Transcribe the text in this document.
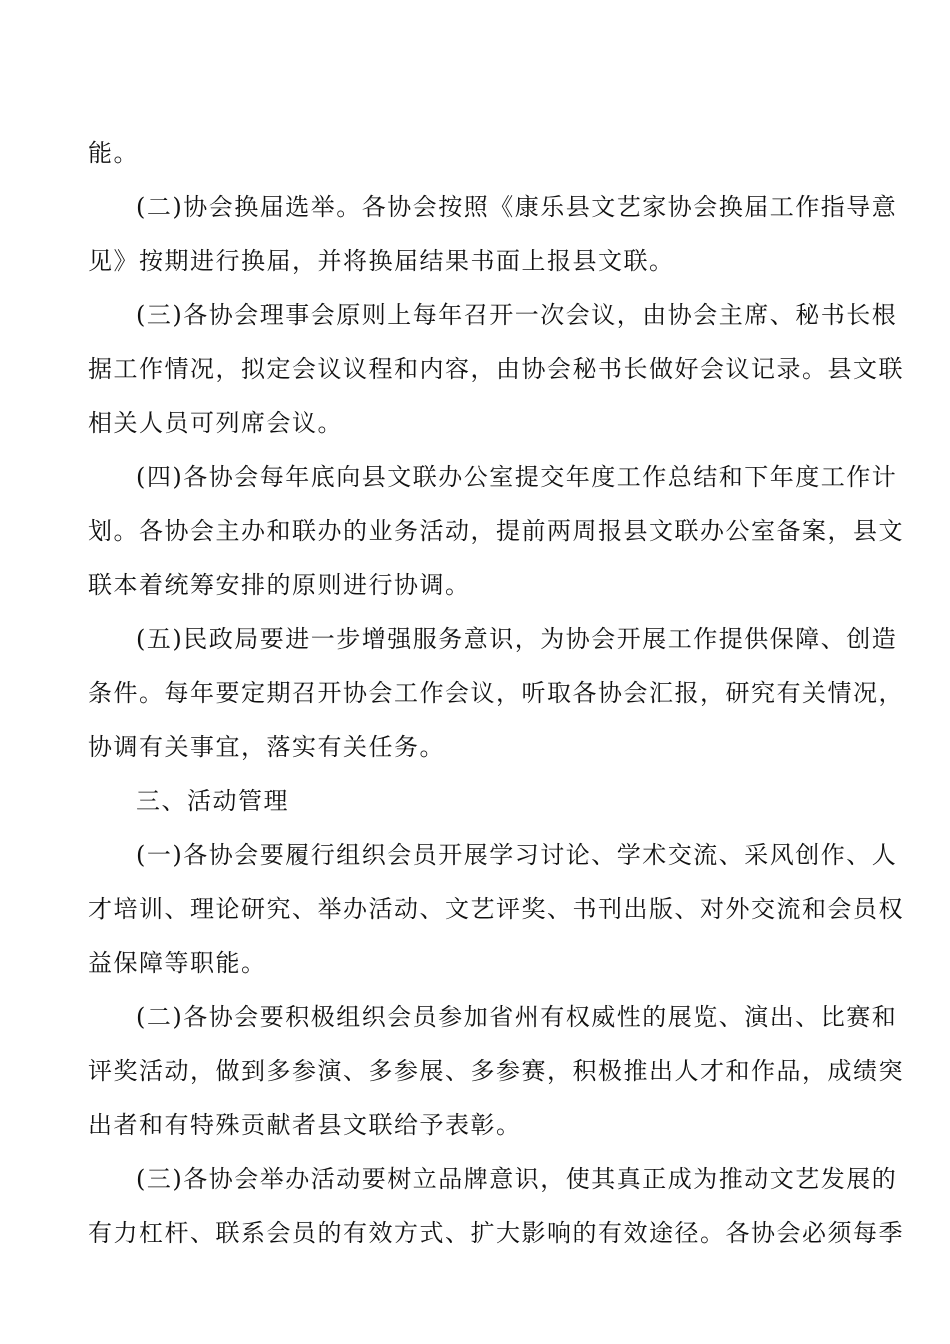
能。
(二)协会换届选举。各协会按照《康乐县文艺家协会换届工作指导意
见》按期进行换届，并将换届结果书面上报县文联。
(三)各协会理事会原则上每年召开一次会议，由协会主席、秘书长根
据工作情况，拟定会议议程和内容，由协会秘书长做好会议记录。县文联
相关人员可列席会议。
(四)各协会每年底向县文联办公室提交年度工作总结和下年度工作计
划。各协会主办和联办的业务活动，提前两周报县文联办公室备案，县文
联本着统筹安排的原则进行协调。
(五)民政局要进一步增强服务意识，为协会开展工作提供保障、创造
条件。每年要定期召开协会工作会议，听取各协会汇报，研究有关情况，
协调有关事宜，落实有关任务。
三、活动管理
(一)各协会要履行组织会员开展学习讨论、学术交流、采风创作、人
才培训、理论研究、举办活动、文艺评奖、书刊出版、对外交流和会员权
益保障等职能。
(二)各协会要积极组织会员参加省州有权威性的展览、演出、比赛和
评奖活动，做到多参演、多参展、多参赛，积极推出人才和作品，成绩突
出者和有特殊贡献者县文联给予表彰。
(三)各协会举办活动要树立品牌意识，使其真正成为推动文艺发展的
有力杠杆、联系会员的有效方式、扩大影响的有效途径。各协会必须每季
